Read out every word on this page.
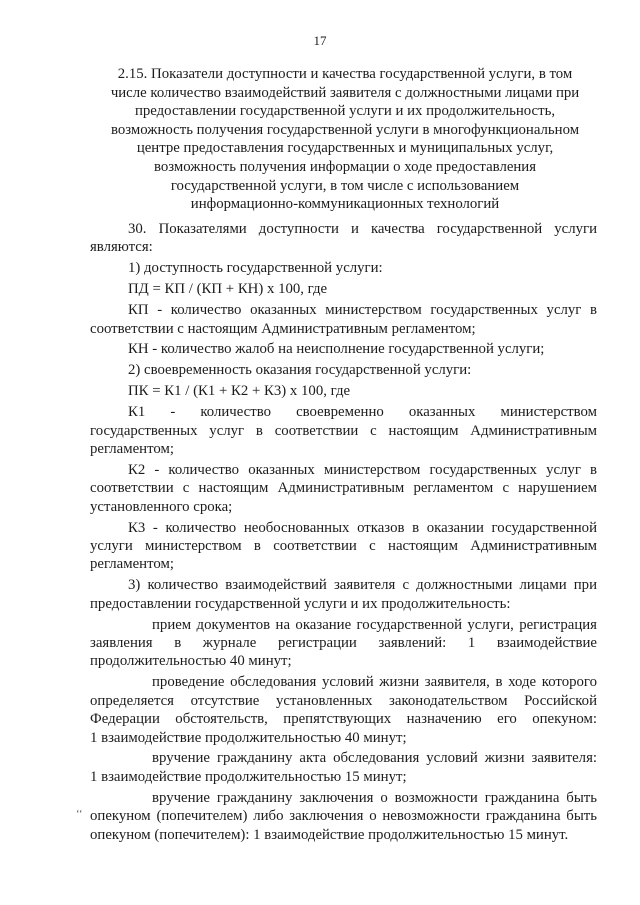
17
2.15. Показатели доступности и качества государственной услуги, в том
числе количество взаимодействий заявителя с должностными лицами при
предоставлении государственной услуги и их продолжительность,
возможность получения государственной услуги в многофункциональном
центре предоставления государственных и муниципальных услуг,
возможность получения информации о ходе предоставления
государственной услуги, в том числе с использованием
информационно-коммуникационных технологий

30. Показателями доступности и качества государственной услуги
являются:

1) доступность государственной услуги:

ПД = КП / (КП + КН) х 100, где

КП - количество оказанных министерством государственных услуг в
соответствии с настоящим Административным регламентом;

КН - количество жалоб на неисполнение государственной услуги;

2) своевременность оказания государственной услуги:

ПК = К1 / (К1 + К2 + К3) х 100, где

К1 - количество своевременно оказанных министерством
государственных услуг в соответствии с настоящим Административным
регламентом;

К2 - количество оказанных министерством государственных услуг в
соответствии с настоящим Административным регламентом с нарушением
установленного срока;

К3 - количество необоснованных отказов в оказании государственной
услуги министерством в соответствии с настоящим Административным
регламентом;

3) количество взаимодействий заявителя с должностными лицами при
предоставлении государственной услуги и их продолжительность:

прием документов на оказание государственной услуги, регистрация
заявления в журнале регистрации заявлений: 1 взаимодействие
продолжительностью 40 минут;

проведение обследования условий жизни заявителя, в ходе которого
определяется отсутствие установленных законодательством Российской
Федерации обстоятельств, препятствующих назначению его опекуном:
1 взаимодействие продолжительностью 40 минут;

вручение гражданину акта обследования условий жизни заявителя:
1 взаимодействие продолжительностью 15 минут;

вручение гражданину заключения о возможности гражданина быть
опекуном (попечителем) либо заключения о невозможности гражданина быть
опекуном (попечителем): 1 взаимодействие продолжительностью 15 минут.

‘‘
